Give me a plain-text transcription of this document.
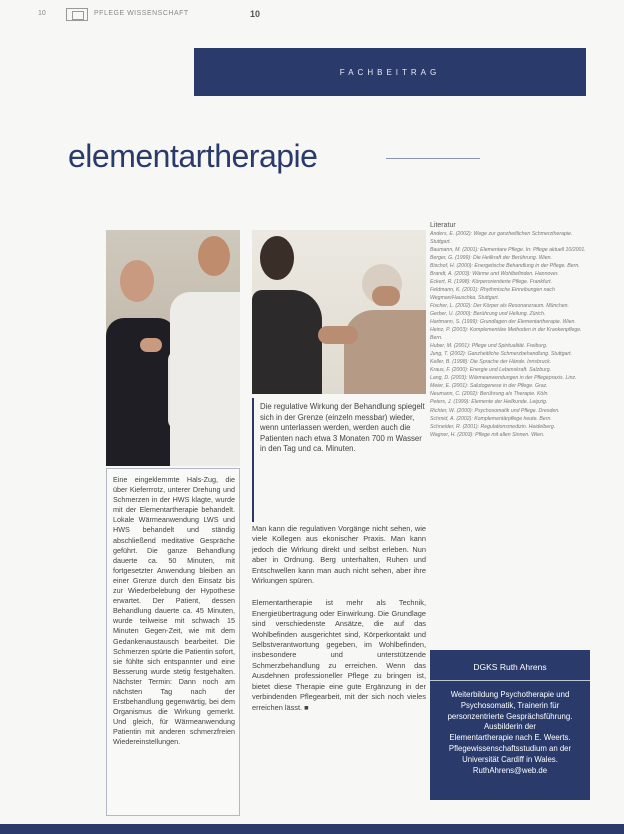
10	PFLEGE WISSENSCHAFT	10
FACHBEITRAG
elementartherapie

Die regulative Wirkung der Behandlung spiegelt sich in der Grenze (einzeln messbar) wieder, wenn unterlassen werden, werden auch die Patienten nach etwa 3 Monaten 700 m Wasser in den Tag und ca. Minuten.

Eine eingeklemmte Hals-Zug, die über Kieferrrotz, unterer Drehung und Schmerzen in der HWS klagte, wurde mit der Elementartherapie behandelt. Lokale Wärmeanwendung LWS und HWS behandelt und ständig abschließend meditative Gespräche geführt. Die ganze Behandlung dauerte ca. 50 Minuten, mit fortgesetzter Anwendung bleiben an einer Grenze durch den Einsatz bis zur Wiederbelebung der Hypothese erwartet. Der Patient, dessen Behandlung dauerte ca. 45 Minuten, wurde teilweise mit schwach 15 Minuten Gegen-Zeit, wie mit dem Gedankenaustausch bearbeitet. Die Schmerzen spürte die Patientin sofort, sie fühlte sich entspannter und eine Besserung wurde stetig festgehalten. Nächster Termin: Dann noch am nächsten Tag nach der Erstbehandlung gegenwärtig, bei dem Organismus die Wirkung gemerkt. Und gleich, für Wärmeanwendung Patientin mit anderen schmerzfreien Wiedereinstellungen.

Man kann die regulativen Vorgänge nicht sehen, wie viele Kollegen aus ekonischer Praxis. Man kann jedoch die Wirkung direkt und selbst erleben. Nun aber in Ordnung. Berg unterhalten, Ruhen und Entschwellen kann man auch nicht sehen, aber ihre Wirkungen spüren.

Elementartherapie ist mehr als Technik, Energieübertragung oder Einwirkung. Die Grundlage sind verschiedenste Ansätze, die auf das Wohlbefinden ausgerichtet sind, Körperkontakt und Selbstverantwortung gegeben, im Wohlbefinden, insbesondere und unterstützende Schmerzbehandlung zu erreichen. Wenn das Ausdehnen professioneller Pflege zu bringen ist, bietet diese Therapie eine gute Ergänzung in der verbindenden Pflegearbeit, mit der sich noch vieles erreichen lässt. ■

Literatur
Anders, E. (2002): Wege zur ganzheitlichen Schmerztherapie. Stuttgart.
Baumann, M. (2001): Elementare Pflege. In: Pflege aktuell 10/2001.
Berger, G. (1999): Die Heilkraft der Berührung. Wien.
Bischof, H. (2000): Energetische Behandlung in der Pflege. Bern.
Brandt, A. (2003): Wärme und Wohlbefinden. Hannover.
Eckert, R. (1998): Körperorientierte Pflege. Frankfurt.
Feldmann, K. (2001): Rhythmische Einreibungen nach Wegman/Hauschka. Stuttgart.
Fischer, L. (2002): Der Körper als Resonanzraum. München.
Gerber, U. (2000): Berührung und Heilung. Zürich.
Hartmann, S. (1999): Grundlagen der Elementartherapie. Wien.
Heinz, P. (2003): Komplementäre Methoden in der Krankenpflege. Bern.
Huber, M. (2001): Pflege und Spiritualität. Freiburg.
Jung, T. (2002): Ganzheitliche Schmerzbehandlung. Stuttgart.
Keller, B. (1998): Die Sprache der Hände. Innsbruck.
Kraus, F. (2000): Energie und Lebenskraft. Salzburg.
Lang, D. (2003): Wärmeanwendungen in der Pflegepraxis. Linz.
Meier, E. (2001): Salutogenese in der Pflege. Graz.
Neumann, C. (2002): Berührung als Therapie. Köln.
Peters, J. (1999): Elemente der Heilkunde. Leipzig.
Richter, W. (2000): Psychosomatik und Pflege. Dresden.
Schmid, A. (2002): Komplementärpflege heute. Bern.
Schneider, R. (2001): Regulationsmedizin. Heidelberg.
Wagner, H. (2003): Pflege mit allen Sinnen. Wien.
DGKS Ruth Ahrens

Weiterbildung Psychotherapie und
Psychosomatik, Trainerin für
personzentrierte Gesprächsführung.
Ausbilderin der
Elementartherapie nach E. Weerts.
Pflegewissenschaftsstudium an der
Universität Cardiff in Wales.
RuthAhrens@web.de
